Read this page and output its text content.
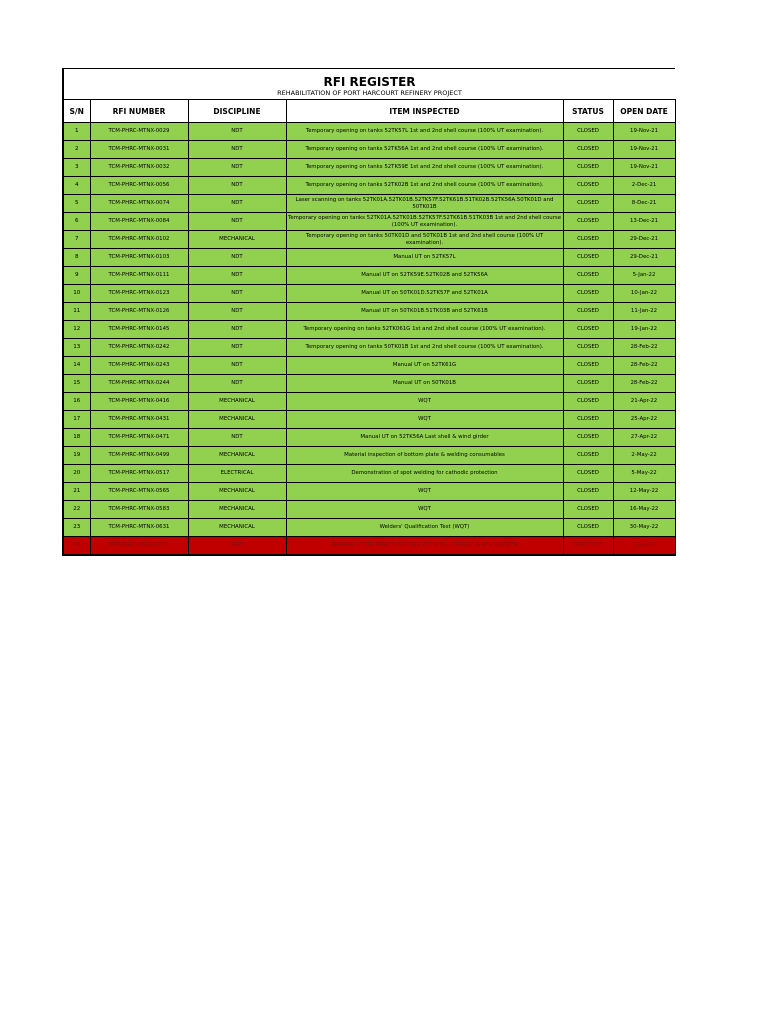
RFI REGISTER
REHABILITATION OF PORT HARCOURT REFINERY PROJECT					

S/N	RFI NUMBER	DISCIPLINE	ITEM INSPECTED	STATUS	OPEN DATE
1	TCM-PHRC-MTNX-0029	NDT	Temporary opening on tanks 52TK57L 1st and 2nd shell course (100% UT examination).	CLOSED	19-Nov-21
2	TCM-PHRC-MTNX-0031	NDT	Temporary opening on tanks 52TK56A 1st and 2nd shell course (100% UT examination).	CLOSED	19-Nov-21
3	TCM-PHRC-MTNX-0032	NDT	Temporary opening on tanks 52TK59E 1st and 2nd shell course (100% UT examination).	CLOSED	19-Nov-21
4	TCM-PHRC-MTNX-0056	NDT	Temporary opening on tanks 52TK02B 1st and 2nd shell course (100% UT examination).	CLOSED	2-Dec-21
5	TCM-PHRC-MTNX-0074	NDT	Laser scanning on tanks 52TK01A.52TK01B.52TK57F.52TK61B.51TK02B.52TK56A.50TK01D and 50TK01B	CLOSED	8-Dec-21
6	TCM-PHRC-MTNX-0084	NDT	Temporary opening on tanks 52TK01A.52TK01B.52TK57F.52TK61B.51TK03B 1st and 2nd shell course (100% UT examination).	CLOSED	13-Dec-21
7	TCM-PHRC-MTNX-0102	MECHANICAL	Temporary opening on tanks 50TK01D and 50TK01B 1st and 2nd shell course (100% UT examination).	CLOSED	29-Dec-21
8	TCM-PHRC-MTNX-0103	NDT	Manual UT on 52TK57L	CLOSED	29-Dec-21
9	TCM-PHRC-MTNX-0111	NDT	Manual UT on 52TK59E.52TK02B and 52TK56A	CLOSED	5-Jan-22
10	TCM-PHRC-MTNX-0123	NDT	Manual UT on 50TK01D.52TK57F and 52TK01A	CLOSED	10-Jan-22
11	TCM-PHRC-MTNX-0126	NDT	Manual UT on 50TK01B.51TK03B and 52TK61B	CLOSED	11-Jan-22
12	TCM-PHRC-MTNX-0145	NDT	Temporary opening on tanks 52TK061G 1st and 2nd shell course (100% UT examination).	CLOSED	19-Jan-22
13	TCM-PHRC-MTNX-0242	NDT	Temporary opening on tanks 50TK01B 1st and 2nd shell course (100% UT examination).	CLOSED	28-Feb-22
14	TCM-PHRC-MTNX-0243	NDT	Manual UT on 52TK61G	CLOSED	28-Feb-22
15	TCM-PHRC-MTNX-0244	NDT	Manual UT on 50TK01B	CLOSED	28-Feb-22
16	TCM-PHRC-MTNX-0416	MECHANICAL	WQT	CLOSED	21-Apr-22
17	TCM-PHRC-MTNX-0431	MECHANICAL	WQT	CLOSED	25-Apr-22
18	TCM-PHRC-MTNX-0471	NDT	Manual UT on 52TK56A Last shell & wind girder	CLOSED	27-Apr-22
19	TCM-PHRC-MTNX-0499	MECHANICAL	Material inspection of bottom plate & welding consumables	CLOSED	2-May-22
20	TCM-PHRC-MTNX-0517	ELECTRICAL	Demonstration of spot welding for cathodic protection	CLOSED	5-May-22
21	TCM-PHRC-MTNX-0565	MECHANICAL	WQT	CLOSED	12-May-22
22	TCM-PHRC-MTNX-0583	MECHANICAL	WQT	CLOSED	16-May-22
23	TCM-PHRC-MTNX-0631	MECHANICAL	Welders' Qualification Test (WQT)	CLOSED	30-May-22
24	TCM-PHRC-MTNX-0781	NDT	MANUAL UT ON TANK 52TK61G LAST SHELL COURSE & WINDGIRDER	CANCELED	6-Jun-22
